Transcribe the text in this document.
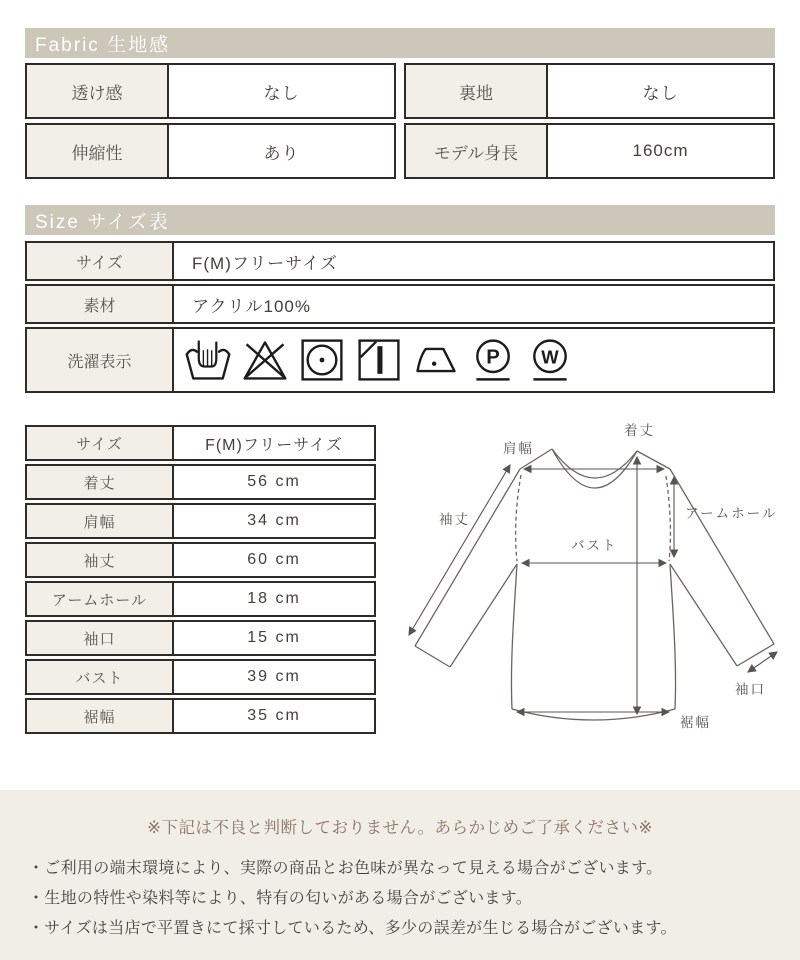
Fabric 生地感
透け感	なし	裏地	なし
伸縮性	あり	モデル身長	160cm
Size サイズ表
サイズ	F(M)フリーサイズ
素材	アクリル100%
洗濯表示	P W
サイズ	F(M)フリーサイズ
着丈	56 cm
肩幅	34 cm
袖丈	60 cm
アームホール	18 cm
袖口	15 cm
バスト	39 cm
裾幅	35 cm
肩幅
着丈
袖丈	アームホール
バスト
袖口
裾幅
※下記は不良と判断しておりません。あらかじめご了承ください※
・ご利用の端末環境により、実際の商品とお色味が異なって見える場合がございます。
・生地の特性や染料等により、特有の匂いがある場合がございます。
・サイズは当店で平置きにて採寸しているため、多少の誤差が生じる場合がございます。
